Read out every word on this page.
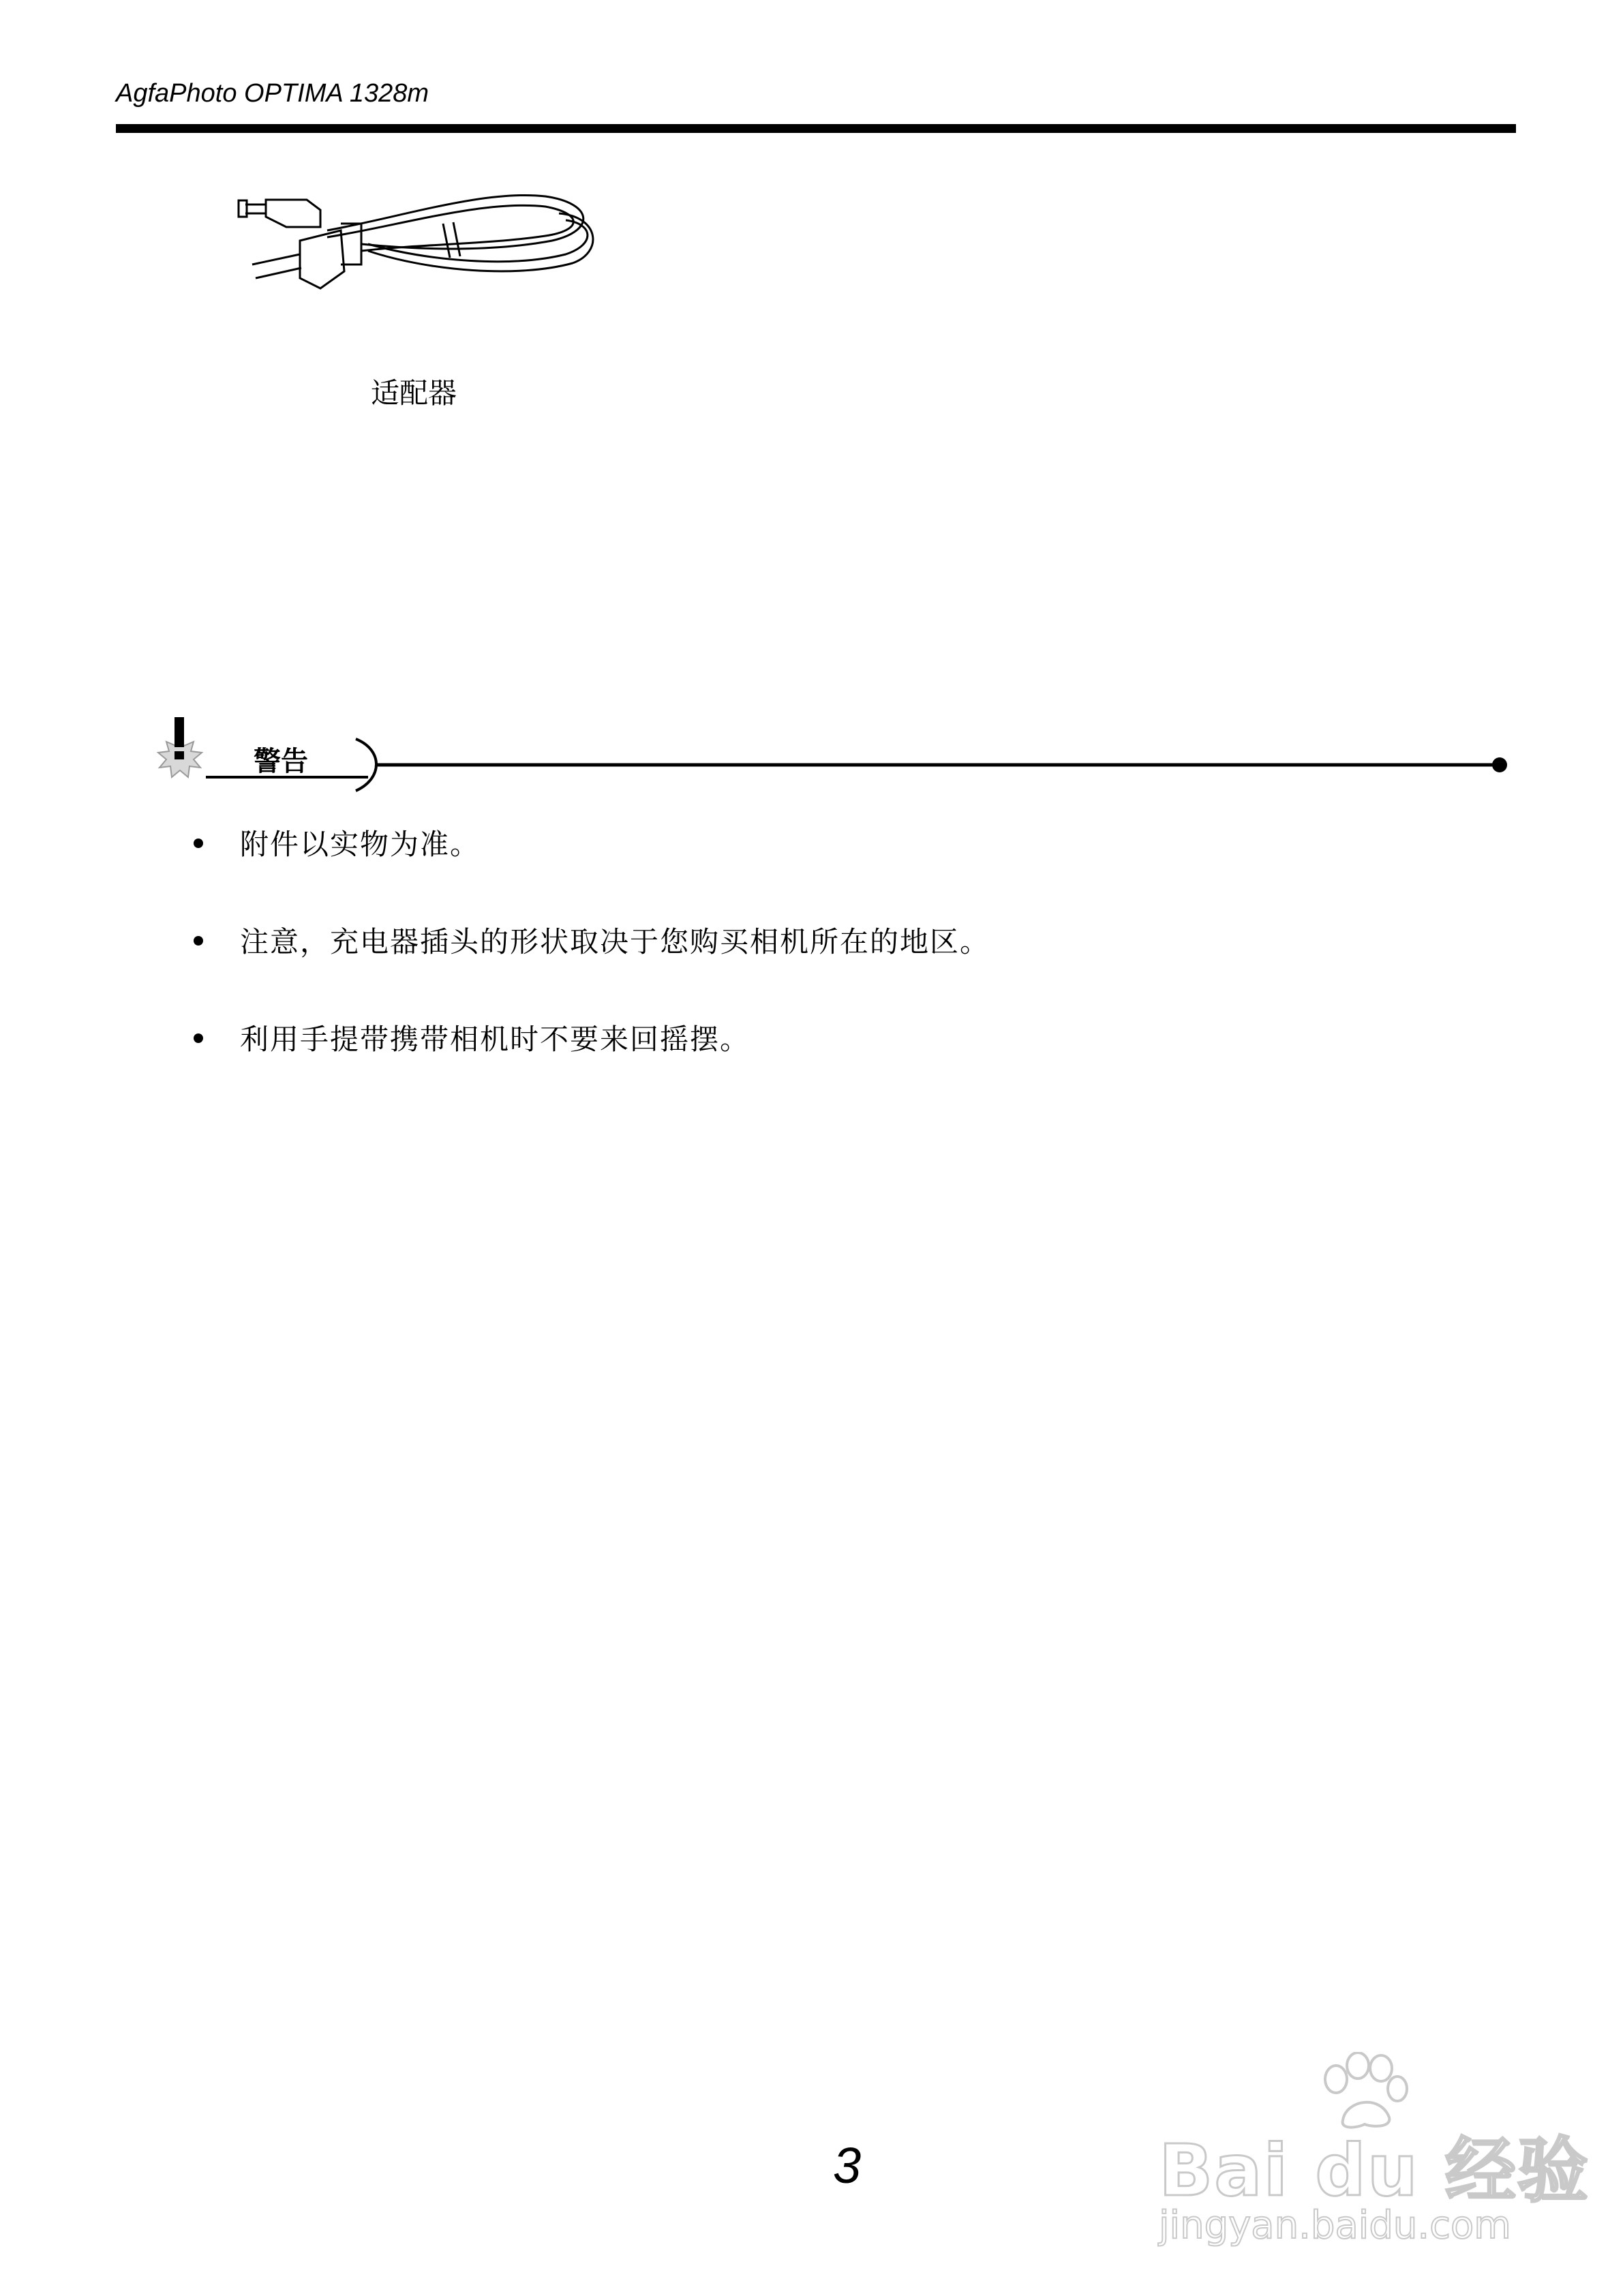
AgfaPhoto OPTIMA 1328m
适配器
警告
附件以实物为准。
注意，充电器插头的形状取决于您购买相机所在的地区。
利用手提带携带相机时不要来回摇摆。
3	Bai du 经验
jingyan.baidu.com
